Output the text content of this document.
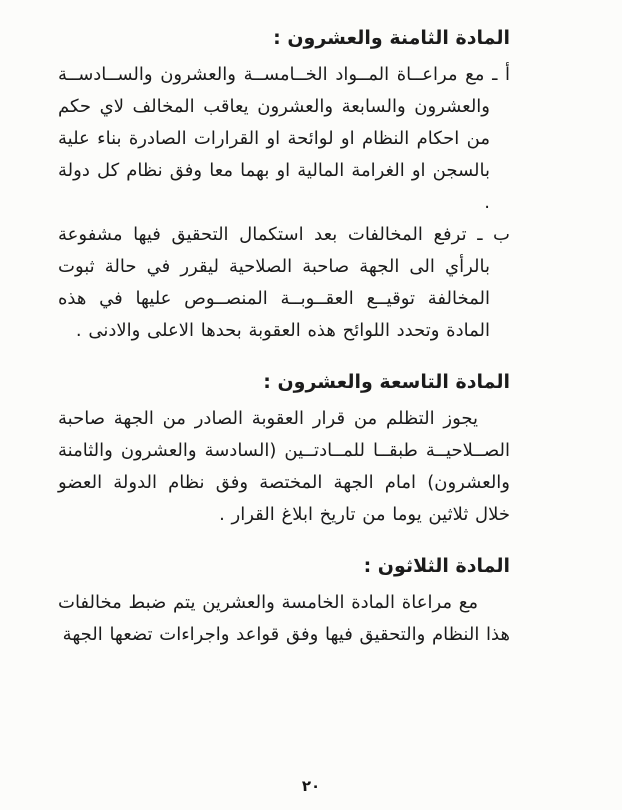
المادة الثامنة والعشرون :

أ ـ مع مراعــاة المــواد الخــامســة والعشرون والســادســة والعشرون والسابعة والعشرون يعاقب المخالف لاي حكم من احكام النظام او لوائحة او القرارات الصادرة بناء علية بالسجن او الغرامة المالية او بهما معا وفق نظام كل دولة .

ب ـ ترفع المخالفات بعد استكمال التحقيق فيها مشفوعة بالرأي الى الجهة صاحبة الصلاحية ليقرر في حالة ثبوت المخالفة توقيــع العقــوبــة المنصــوص عليها في هذه المادة وتحدد اللوائح هذه العقوبة بحدها الاعلى والادنى .

المادة التاسعة والعشرون :

يجوز التظلم من قرار العقوبة الصادر من الجهة صاحبة الصــلاحيــة طبقــا للمــادتــين (السادسة والعشرون والثامنة والعشرون) امام الجهة المختصة وفق نظام الدولة العضو خلال ثلاثين يوما من تاريخ ابلاغ القرار .

المادة الثلاثون :

مع مراعاة المادة الخامسة والعشرين يتم ضبط مخالفات هذا النظام والتحقيق فيها وفق قواعد واجراءات تضعها الجهة

٢٠
